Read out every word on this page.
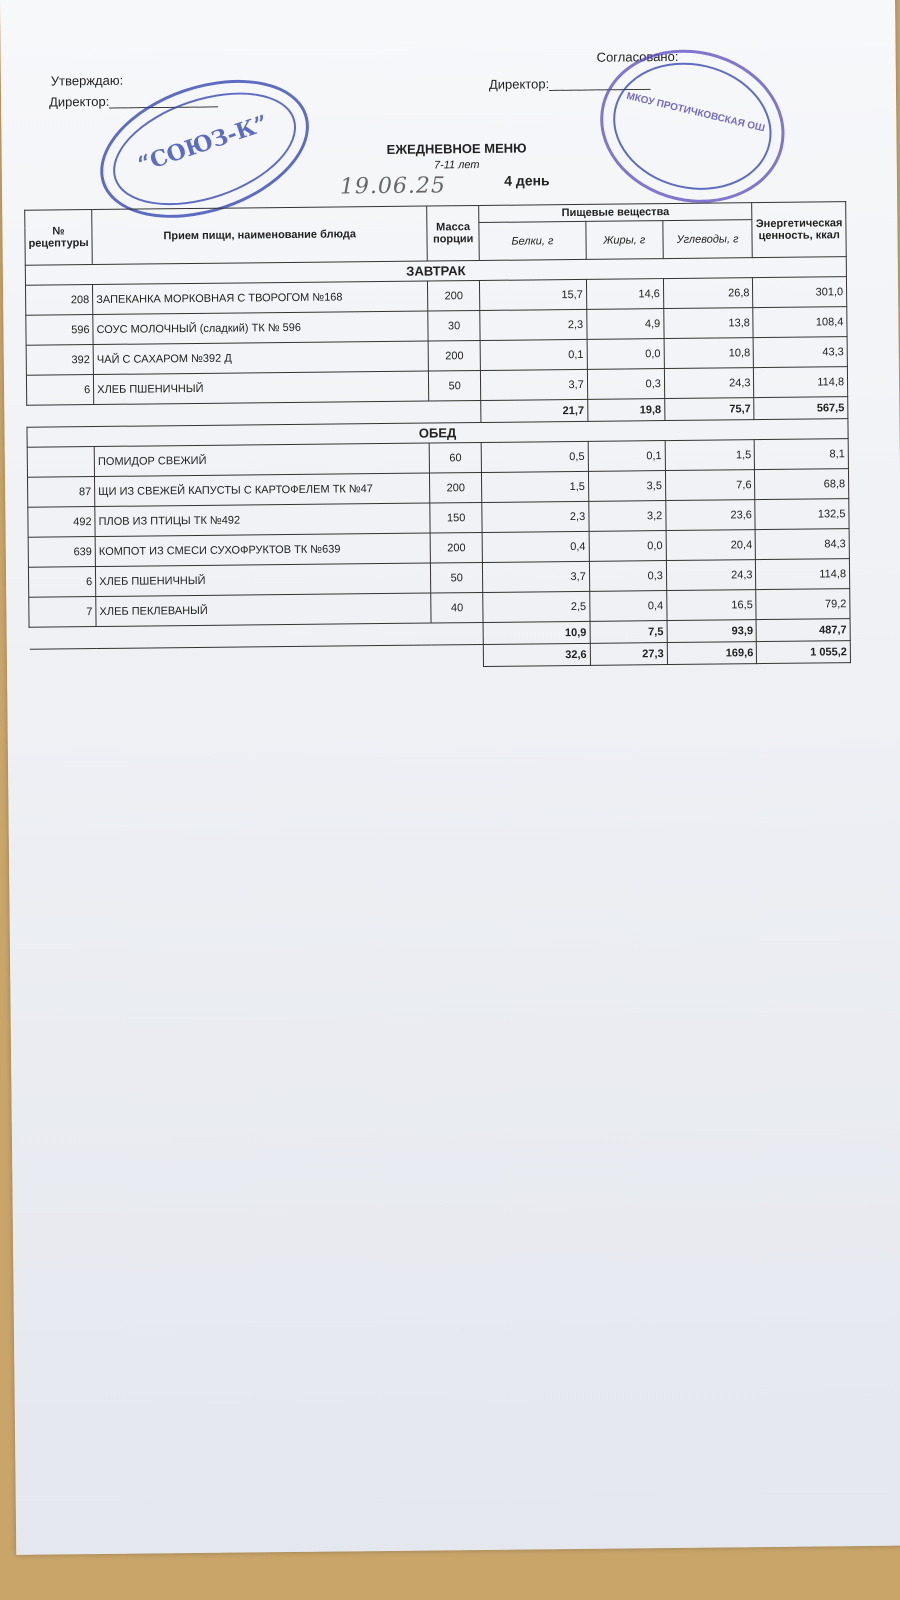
Утверждаю:
Директор:_______________
Согласовано:
Директор:______________
“СОЮЗ-К”	МКОУ ПРОТИЧКОВСКАЯ ОШ
ЕЖЕДНЕВНОЕ МЕНЮ
7-11 лет
4 день
19.06.25
№ рецептуры	Прием пищи, наименование блюда	Масса порции	Пищевые вещества			Энергетическая ценность, ккал
			Белки, г	Жиры, г	Углеводы, г	
ЗАВТРАК						
208	ЗАПЕКАНКА МОРКОВНАЯ С ТВОРОГОМ №168	200	15,7	14,6	26,8	301,0
596	СОУС МОЛОЧНЫЙ (сладкий) ТК № 596	30	2,3	4,9	13,8	108,4
392	ЧАЙ С САХАРОМ №392 Д	200	0,1	0,0	10,8	43,3
6	ХЛЕБ ПШЕНИЧНЫЙ	50	3,7	0,3	24,3	114,8
			21,7	19,8	75,7	567,5
ОБЕД						
	ПОМИДОР СВЕЖИЙ	60	0,5	0,1	1,5	8,1
87	ЩИ ИЗ СВЕЖЕЙ КАПУСТЫ С КАРТОФЕЛЕМ ТК №47	200	1,5	3,5	7,6	68,8
492	ПЛОВ ИЗ ПТИЦЫ ТК №492	150	2,3	3,2	23,6	132,5
639	КОМПОТ ИЗ СМЕСИ СУХОФРУКТОВ ТК №639	200	0,4	0,0	20,4	84,3
6	ХЛЕБ ПШЕНИЧНЫЙ	50	3,7	0,3	24,3	114,8
7	ХЛЕБ ПЕКЛЕВАНЫЙ	40	2,5	0,4	16,5	79,2
			10,9	7,5	93,9	487,7
			32,6	27,3	169,6	1 055,2
